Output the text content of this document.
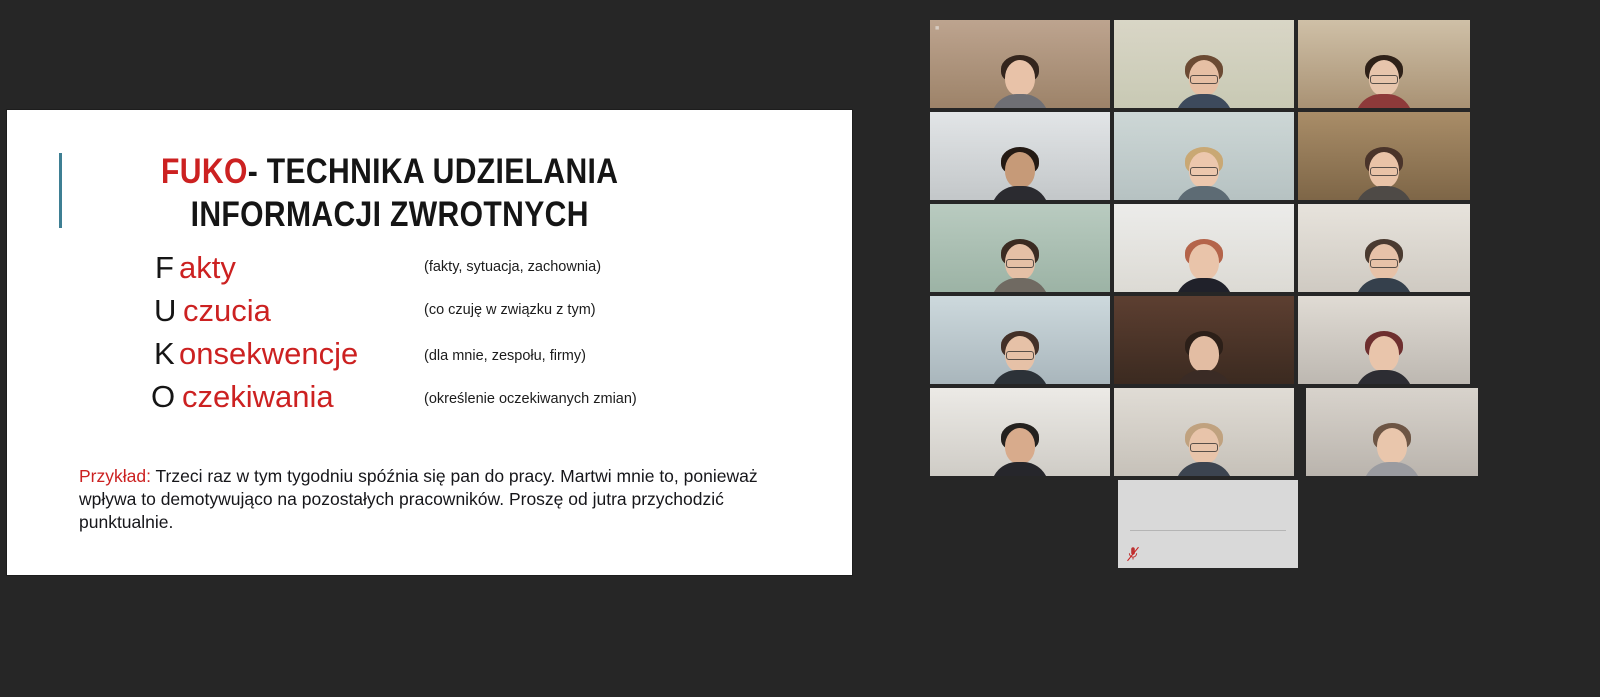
FUKO- TECHNIKA UDZIELANIA INFORMACJI ZWROTNYCH
F akty	(fakty, sytuacja, zachownia)
U czucia	(co czuję w związku z tym)
K onsekwencje	(dla mnie, zespołu, firmy)
O czekiwania	(określenie oczekiwanych zmian)
Przykład: Trzeci raz w tym tygodniu spóźnia się pan do pracy. Martwi mnie to, ponieważ wpływa to demotywująco na pozostałych pracowników. Proszę od jutra przychodzić punktualnie.
■
